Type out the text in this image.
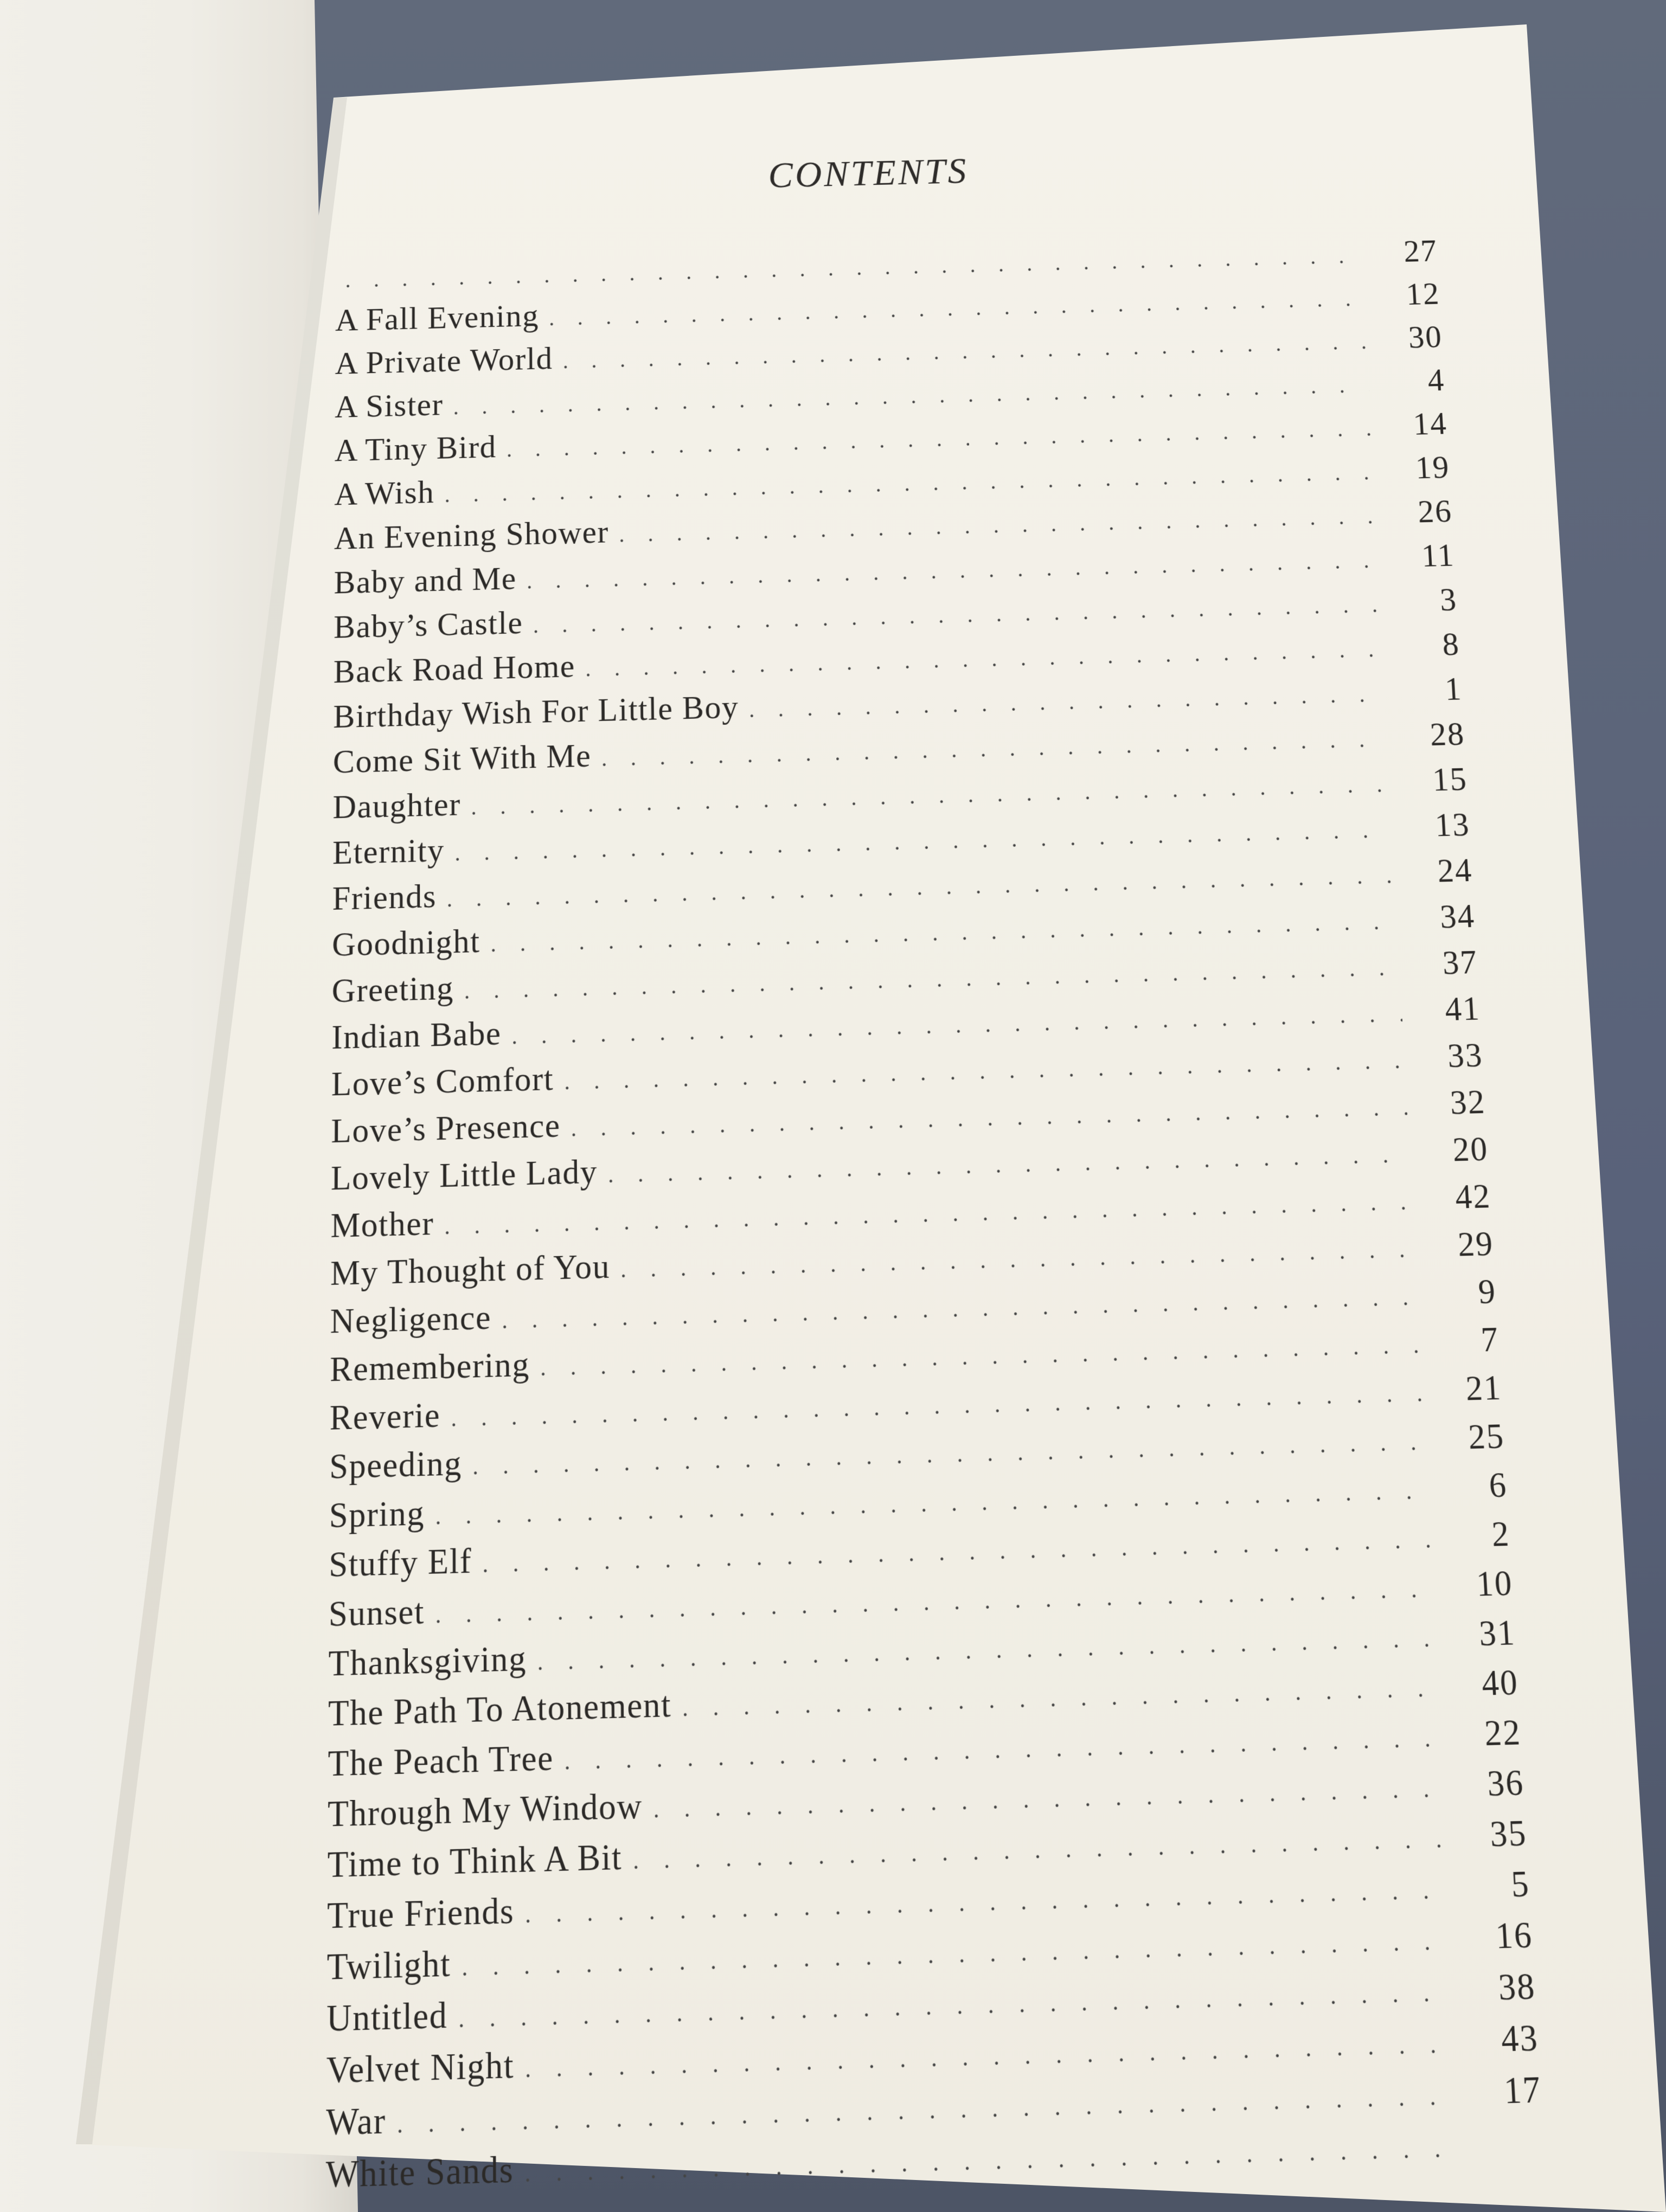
CONTENTS
. . .
27
A Fall Evening
. . .
12
A Private World
. . .
30
A Sister
. . .
4
A Tiny Bird
. . .
14
A Wish
. . .
19
An Evening Shower
. . .
26
Baby and Me
. . .
11
Baby’s Castle
. . .
3
Back Road Home
. . .
8
Birthday Wish For Little Boy
. . .	1
Come Sit With Me
. . .
28
Daughter
. . .
15
Eternity
. . .
13
Friends
. . .
24
Goodnight
. . .
34
Greeting
. . .
37
Indian Babe
. . .
41
Love’s Comfort
. . .
33
Love’s Presence
. . .
32
Lovely Little Lady
. . .
20
Mother
. . .
42
My Thought of You
. . .
29
Negligence
. . .
9
Remembering
. . .
7
Reverie
. . .
21
Speeding
. . .
25
Spring
. . .
6
Stuffy Elf
. . .
2
Sunset
. . .
10
Thanksgiving
. . .
31
The Path To Atonement
. . .
40
The Peach Tree
. . .
22
Through My Window
. . .
36
Time to Think A Bit
. . .
35
True Friends
. . .
5
Twilight
. . .
16
Untitled
. . .
38
Velvet Night
. . .
43
War
. . .
17
White Sands
. . .
